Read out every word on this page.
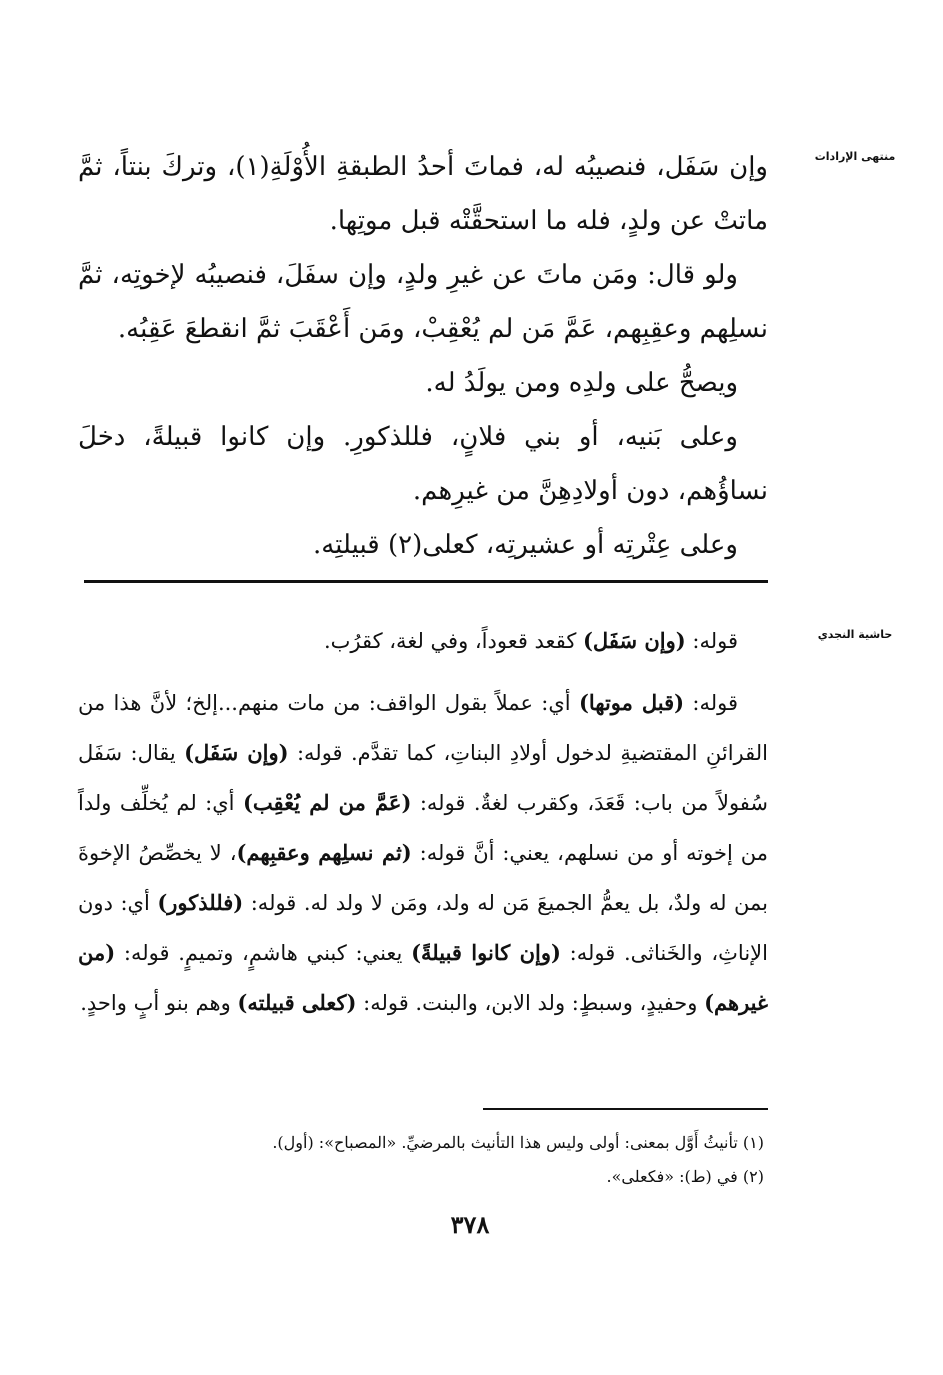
منتهى الإرادات

وإن سَفَل، فنصيبُه له، فماتَ أحدُ الطبقةِ الأُوْلَةِ(١)، وتركَ بنتاً، ثمَّ ماتتْ عن ولدٍ، فله ما استحقَّتْه قبل موتِها.

ولو قال: ومَن ماتَ عن غيرِ ولدٍ، وإن سفَلَ، فنصيبُه لإخوتِه، ثمَّ نسلِهم وعقِبِهم، عَمَّ مَن لم يُعْقِبْ، ومَن أَعْقَبَ ثمَّ انقطعَ عَقِبُه.

ويصحُّ على ولدِه ومن يولَدُ له.

وعلى بَنيه، أو بني فلانٍ، فللذكورِ. وإن كانوا قبيلةً، دخلَ نساؤُهم، دون أولادِهِنَّ من غيرِهم.

وعلى عِتْرتِه أو عشيرتِه، كعلى(٢) قبيلتِه.

حاشية النجدي

قوله: (وإن سَفَل) كقعد قعوداً، وفي لغة، كقرُب.

قوله: (قبل موتها) أي: عملاً بقول الواقف: من مات منهم...إلخ؛ لأنَّ هذا من القرائنِ المقتضيةِ لدخول أولادِ البناتِ، كما تقدَّم. قوله: (وإن سَفَل) يقال: سَفَل سُفولاً من باب: قَعَدَ، وكقرب لغةٌ. قوله: (عَمَّ من لم يُعْقِب) أي: لم يُخلِّف ولداً من إخوته أو من نسلهم، يعني: أنَّ قوله: (ثم نسلِهم وعقبِهم)، لا يخصِّصُ الإخوةَ بمن له ولدٌ، بل يعمُّ الجميعَ مَن له ولد، ومَن لا ولد له. قوله: (فللذكور) أي: دون الإناثِ، والخَناثى. قوله: (وإن كانوا قبيلةً) يعني: كبني هاشمٍ، وتميمٍ. قوله: (من غيرهم) وحفيدٍ، وسبطٍ: ولد الابن، والبنت. قوله: (كعلى قبيلته) وهم بنو أبٍ واحدٍ.

(١) تأنيثُ أَوَّل بمعنى: أولى وليس هذا التأنيث بالمرضيِّ. «المصباح»: (أول).

(٢) في (ط): «فكعلى».

٣٧٨
